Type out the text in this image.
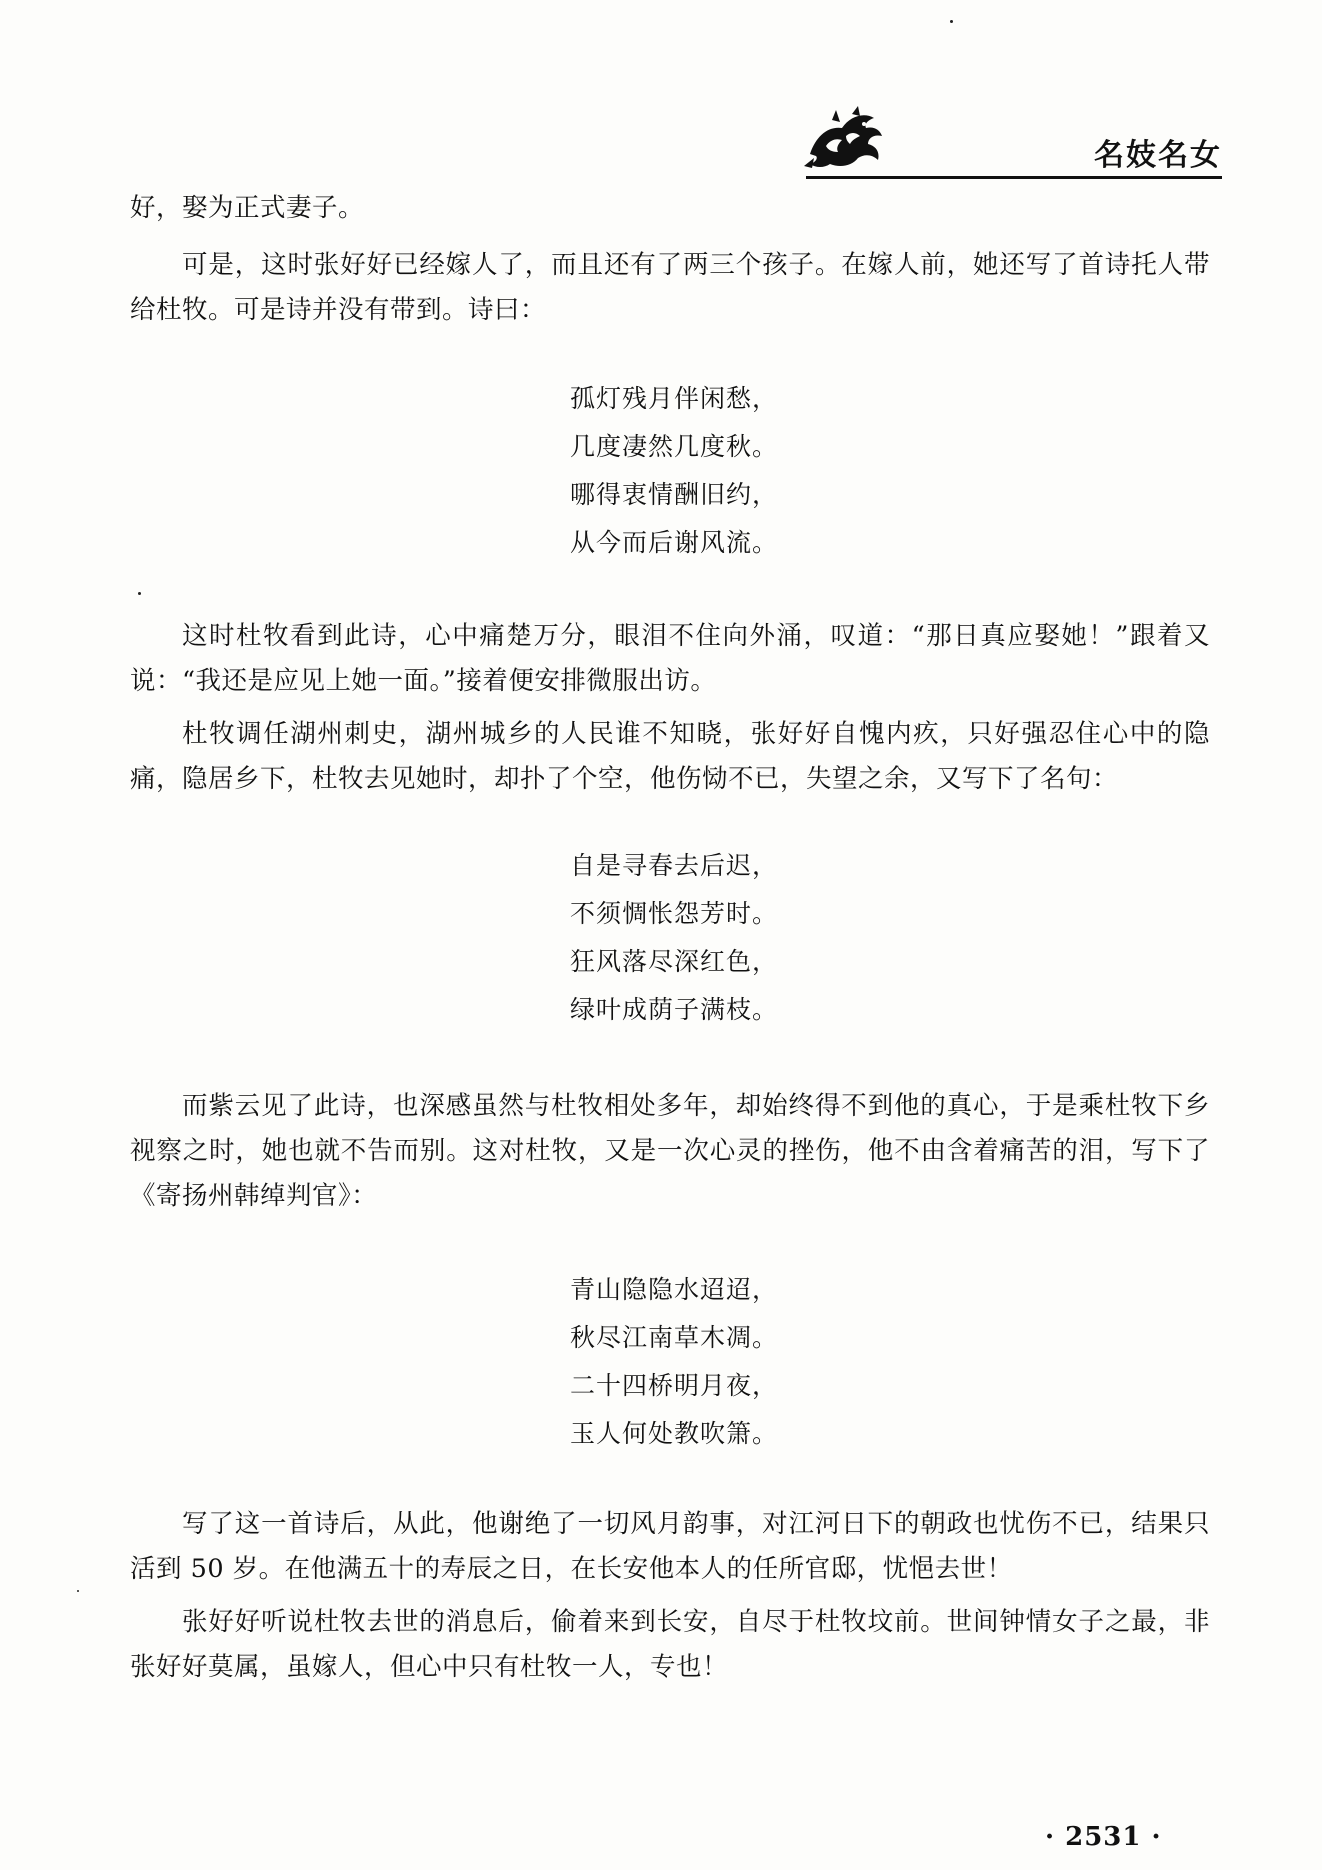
名妓名女

好，娶为正式妻子。

可是，这时张好好已经嫁人了，而且还有了两三个孩子。在嫁人前，她还写了首诗托人带给杜牧。可是诗并没有带到。诗曰：

孤灯残月伴闲愁，
几度凄然几度秋。
哪得衷情酬旧约，
从今而后谢风流。

这时杜牧看到此诗，心中痛楚万分，眼泪不住向外涌，叹道：“那日真应娶她！”跟着又说：“我还是应见上她一面。”接着便安排微服出访。

杜牧调任湖州刺史，湖州城乡的人民谁不知晓，张好好自愧内疚，只好强忍住心中的隐痛，隐居乡下，杜牧去见她时，却扑了个空，他伤恸不已，失望之余，又写下了名句：

自是寻春去后迟，
不须惆怅怨芳时。
狂风落尽深红色，
绿叶成荫子满枝。

而紫云见了此诗，也深感虽然与杜牧相处多年，却始终得不到他的真心，于是乘杜牧下乡视察之时，她也就不告而别。这对杜牧，又是一次心灵的挫伤，他不由含着痛苦的泪，写下了《寄扬州韩绰判官》：

青山隐隐水迢迢，
秋尽江南草木凋。
二十四桥明月夜，
玉人何处教吹箫。

写了这一首诗后，从此，他谢绝了一切风月韵事，对江河日下的朝政也忧伤不已，结果只活到 50 岁。在他满五十的寿辰之日，在长安他本人的任所官邸，忧悒去世！

张好好听说杜牧去世的消息后，偷着来到长安，自尽于杜牧坟前。世间钟情女子之最，非张好好莫属，虽嫁人，但心中只有杜牧一人，专也！

· 2531 ·
